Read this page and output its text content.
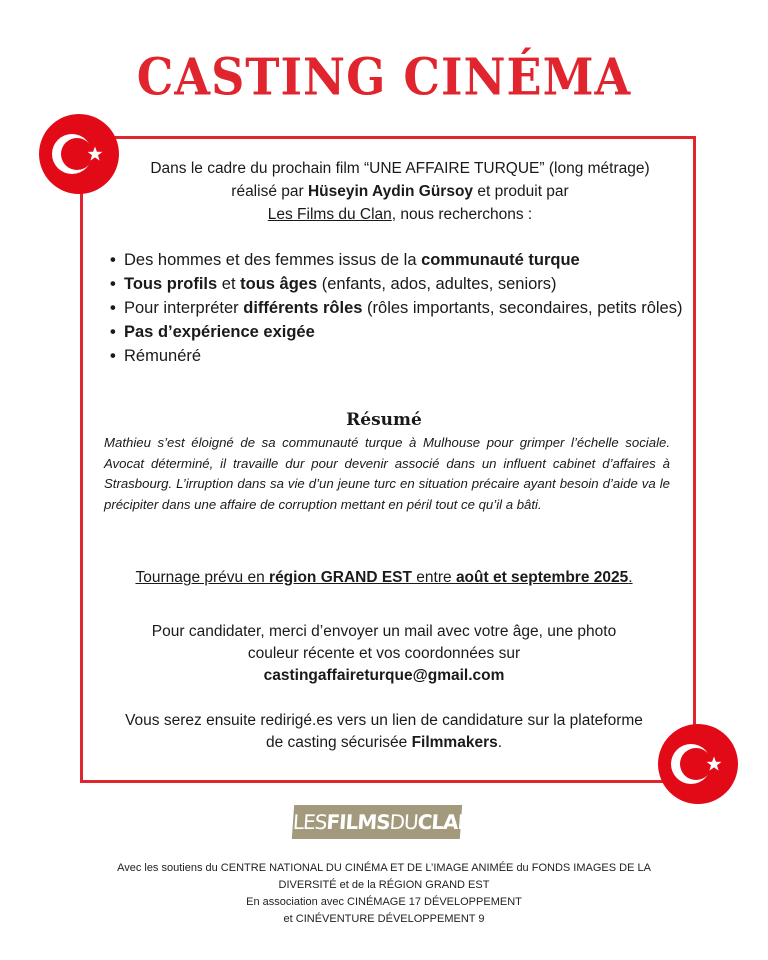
CASTING CINÉMA
Dans le cadre du prochain film “UNE AFFAIRE TURQUE” (long métrage)
réalisé par Hüseyin Aydin Gürsoy et produit par
Les Films du Clan, nous recherchons :
• Des hommes et des femmes issus de la communauté turque
• Tous profils et tous âges (enfants, ados, adultes, seniors)
• Pour interpréter différents rôles (rôles importants, secondaires, petits rôles)
• Pas d’expérience exigée
• Rémunéré
Résumé
Mathieu s’est éloigné de sa communauté turque à Mulhouse pour grimper l’échelle sociale. Avocat déterminé, il travaille dur pour devenir associé dans un influent cabinet d’affaires à Strasbourg. L’irruption dans sa vie d’un jeune turc en situation précaire ayant besoin d’aide va le précipiter dans une affaire de corruption mettant en péril tout ce qu’il a bâti.
Tournage prévu en région GRAND EST entre août et septembre 2025.
Pour candidater, merci d’envoyer un mail avec votre âge, une photo
couleur récente et vos coordonnées sur
castingaffaireturque@gmail.com
Vous serez ensuite redirigé.es vers un lien de candidature sur la plateforme
de casting sécurisée Filmmakers.
LESFILMSDUCLAN
Avec les soutiens du CENTRE NATIONAL DU CINÉMA ET DE L’IMAGE ANIMÉE du FONDS IMAGES DE LA
DIVERSITÉ et de la RÉGION GRAND EST
En association avec CINÉMAGE 17 DÉVELOPPEMENT
et CINÉVENTURE DÉVELOPPEMENT 9
